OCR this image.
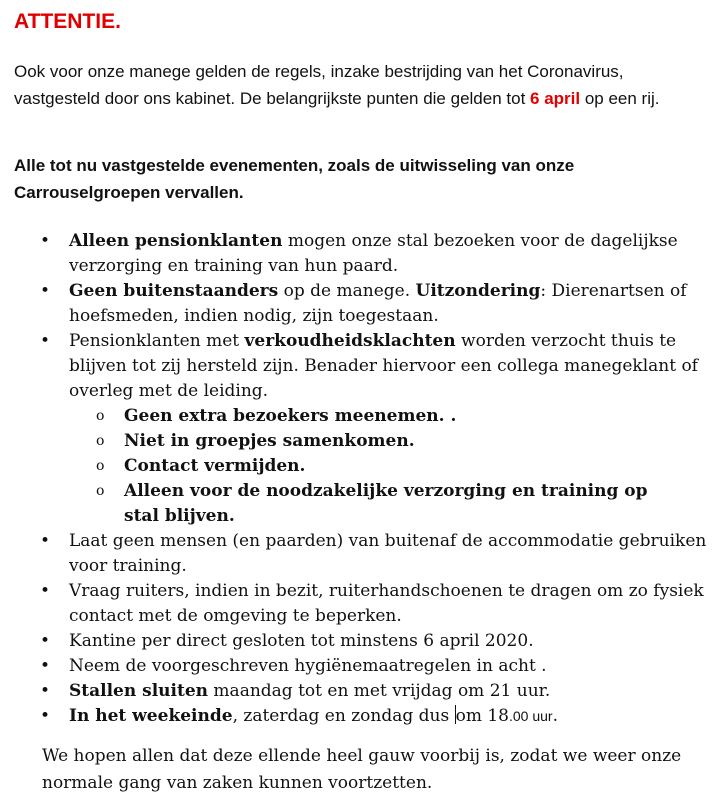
ATTENTIE.
Ook voor onze manege gelden de regels, inzake bestrijding van het Coronavirus, vastgesteld door ons kabinet. De belangrijkste punten die gelden tot 6 april op een rij.
Alle tot nu vastgestelde evenementen, zoals de uitwisseling van onze Carrouselgroepen vervallen.
• Alleen pensionklanten mogen onze stal bezoeken voor de dagelijkse verzorging en training van hun paard.
• Geen buitenstaanders op de manege. Uitzondering: Dierenartsen of hoefsmeden, indien nodig, zijn toegestaan.
• Pensionklanten met verkoudheidsklachten worden verzocht thuis te blijven tot zij hersteld zijn. Benader hiervoor een collega manegeklant of overleg met de leiding.
o Geen extra bezoekers meenemen. .
o Niet in groepjes samenkomen.
o Contact vermijden.
o Alleen voor de noodzakelijke verzorging en training op stal blijven.
• Laat geen mensen (en paarden) van buitenaf de accommodatie gebruiken voor training.
• Vraag ruiters, indien in bezit, ruiterhandschoenen te dragen om zo fysiek contact met de omgeving te beperken.
• Kantine per direct gesloten tot minstens 6 april 2020.
• Neem de voorgeschreven hygiënemaatregelen in acht .
• Stallen sluiten maandag tot en met vrijdag om 21 uur.
• In het weekeinde, zaterdag en zondag dus om 18.00 uur.
We hopen allen dat deze ellende heel gauw voorbij is, zodat we weer onze normale gang van zaken kunnen voortzetten.
